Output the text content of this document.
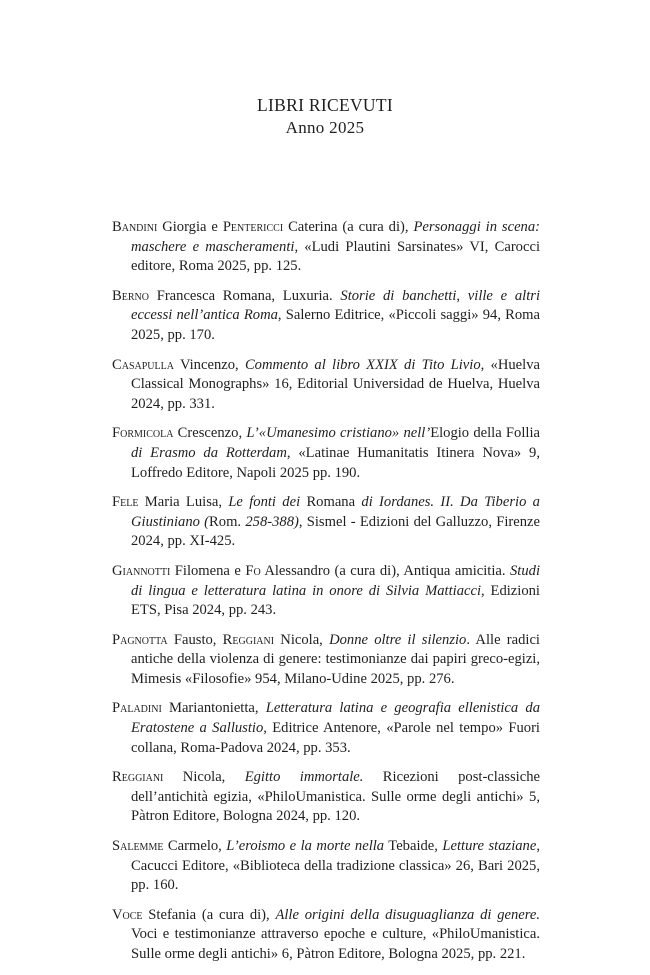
LIBRI RICEVUTI
Anno 2025

Bandini Giorgia e Pentericci Caterina (a cura di), Personaggi in scena: maschere e mascheramenti, «Ludi Plautini Sarsinates» VI, Carocci editore, Roma 2025, pp. 125.

Berno Francesca Romana, Luxuria. Storie di banchetti, ville e altri eccessi nell’antica Roma, Salerno Editrice, «Piccoli saggi» 94, Roma 2025, pp. 170.

Casapulla Vincenzo, Commento al libro XXIX di Tito Livio, «Huelva Classical Monographs» 16, Editorial Universidad de Huelva, Huelva 2024, pp. 331.

Formicola Crescenzo, L’«Umanesimo cristiano» nell’Elogio della Follia di Erasmo da Rotterdam, «Latinae Humanitatis Itinera Nova» 9, Loffredo Editore, Napoli 2025 pp. 190.

Fele Maria Luisa, Le fonti dei Romana di Iordanes. II. Da Tiberio a Giustiniano (Rom. 258-388), Sismel - Edizioni del Galluzzo, Firenze 2024, pp. XI-425.

Giannotti Filomena e Fo Alessandro (a cura di), Antiqua amicitia. Studi di lingua e letteratura latina in onore di Silvia Mattiacci, Edizioni ETS, Pisa 2024, pp. 243.

Pagnotta Fausto, Reggiani Nicola, Donne oltre il silenzio. Alle radici antiche della violenza di genere: testimonianze dai papiri greco-egizi, Mimesis «Filosofie» 954, Milano-Udine 2025, pp. 276.

Paladini Mariantonietta, Letteratura latina e geografia ellenistica da Eratostene a Sallustio, Editrice Antenore, «Parole nel tempo» Fuori collana, Roma-Padova 2024, pp. 353.

Reggiani Nicola, Egitto immortale. Ricezioni post-classiche dell’antichità egizia, «PhiloUmanistica. Sulle orme degli antichi» 5, Pàtron Editore, Bologna 2024, pp. 120.

Salemme Carmelo, L’eroismo e la morte nella Tebaide, Letture staziane, Cacucci Editore, «Biblioteca della tradizione classica» 26, Bari 2025, pp. 160.

Voce Stefania (a cura di), Alle origini della disuguaglianza di genere. Voci e testimonianze attraverso epoche e culture, «PhiloUmanistica. Sulle orme degli antichi» 6, Pàtron Editore, Bologna 2025, pp. 221.
